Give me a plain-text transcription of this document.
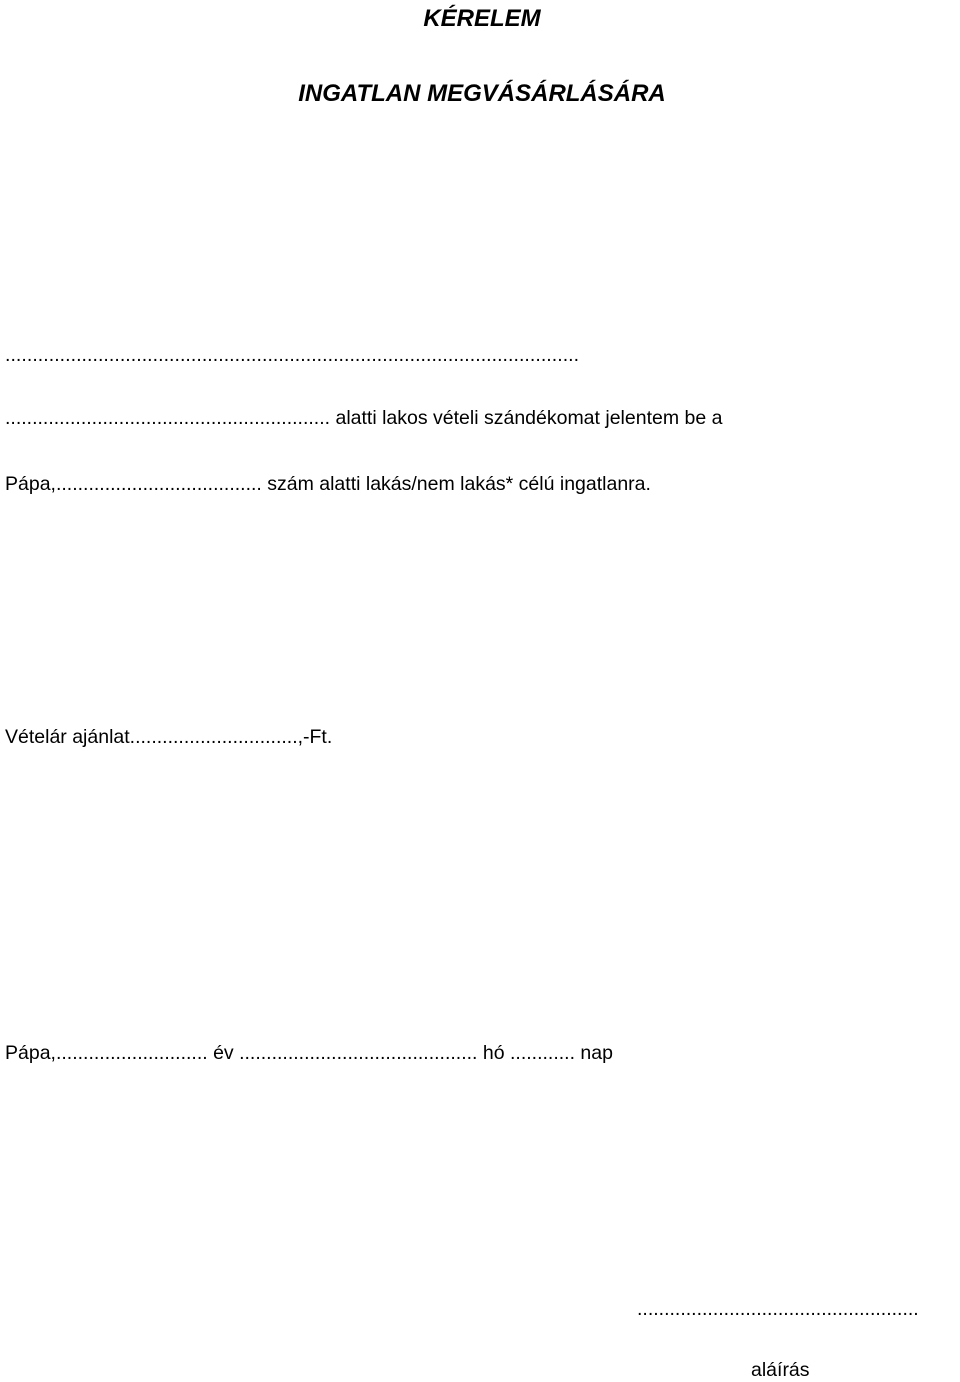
KÉRELEM
INGATLAN MEGVÁSÁRLÁSÁRA
.........................................................................................................
............................................................ alatti lakos vételi szándékomat jelentem be a
Pápa,...................................... szám alatti lakás/nem lakás* célú ingatlanra.
Vételár ajánlat...............................,-Ft.
Pápa,............................ év ............................................ hó ............ nap
....................................................
aláírás
